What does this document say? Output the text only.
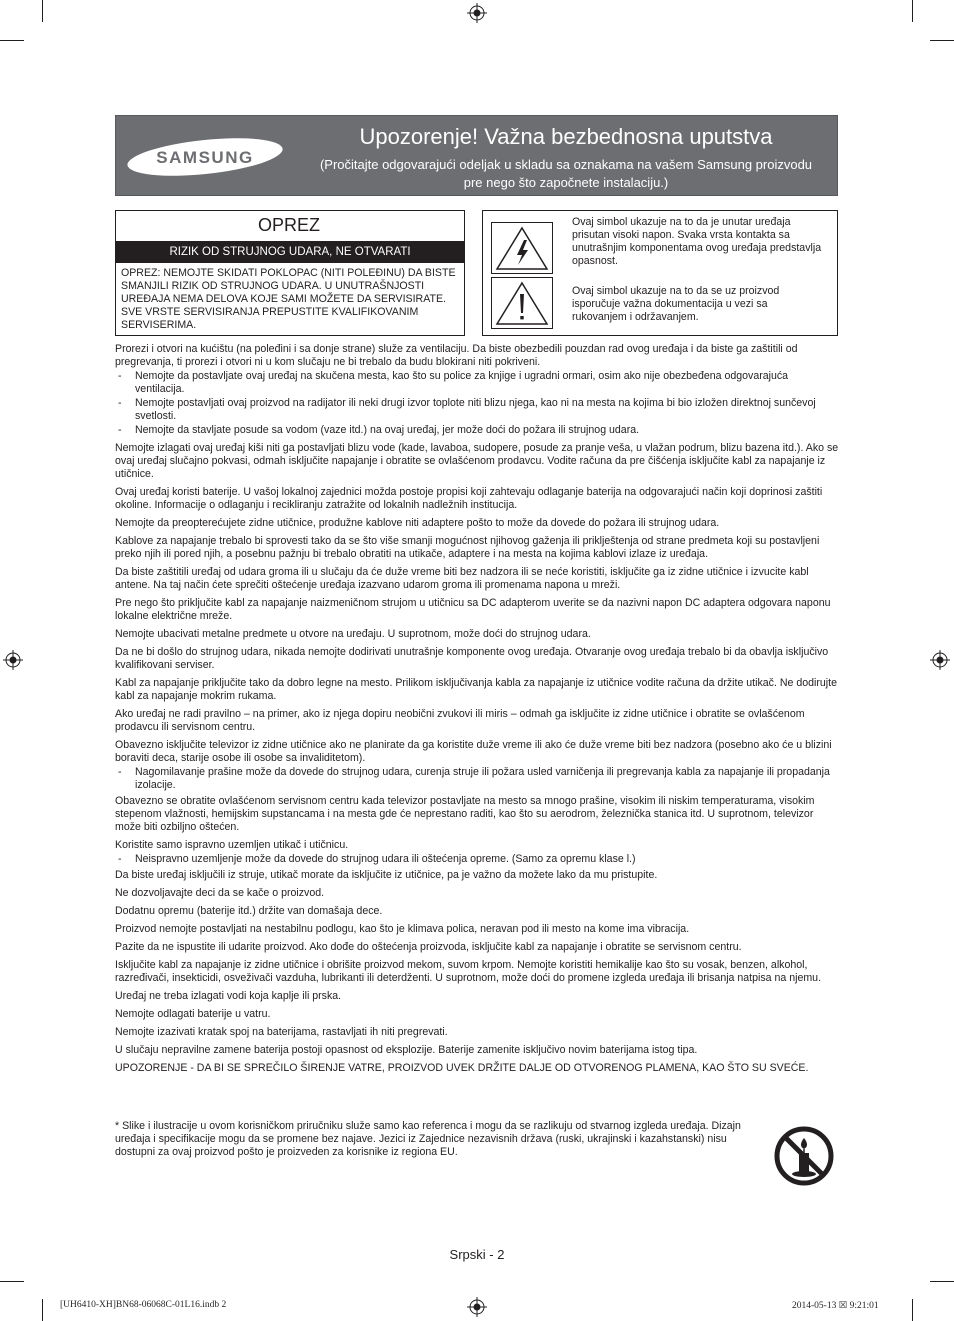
SAMSUNG
Upozorenje! Važna bezbednosna uputstva
(Pročitajte odgovarajući odeljak u skladu sa oznakama na vašem Samsung proizvodu
pre nego što započnete instalaciju.)
OPREZ
RIZIK OD STRUJNOG UDARA, NE OTVARATI
OPREZ: NEMOJTE SKIDATI POKLOPAC (NITI POLEĐINU) DA BISTE SMANJILI RIZIK OD STRUJNOG UDARA. U UNUTRAŠNJOSTI UREĐAJA NEMA DELOVA KOJE SAMI MOŽETE DA SERVISIRATE. SVE VRSTE SERVISIRANJA PREPUSTITE KVALIFIKOVANIM SERVISERIMA.
Ovaj simbol ukazuje na to da je unutar uređaja prisutan visoki napon. Svaka vrsta kontakta sa unutrašnjim komponentama ovog uređaja predstavlja opasnost.
Ovaj simbol ukazuje na to da se uz proizvod isporučuje važna dokumentacija u vezi sa rukovanjem i održavanjem.

Prorezi i otvori na kućištu (na poleđini i sa donje strane) služe za ventilaciju. Da biste obezbedili pouzdan rad ovog uređaja i da biste ga zaštitili od pregrevanja, ti prorezi i otvori ni u kom slučaju ne bi trebalo da budu blokirani niti pokriveni.

- Nemojte da postavljate ovaj uređaj na skučena mesta, kao što su police za knjige i ugradni ormari, osim ako nije obezbeđena odgovarajuća ventilacija.

- Nemojte postavljati ovaj proizvod na radijator ili neki drugi izvor toplote niti blizu njega, kao ni na mesta na kojima bi bio izložen direktnoj sunčevoj svetlosti.

- Nemojte da stavljate posude sa vodom (vaze itd.) na ovaj uređaj, jer može doći do požara ili strujnog udara.

Nemojte izlagati ovaj uređaj kiši niti ga postavljati blizu vode (kade, lavaboa, sudopere, posude za pranje veša, u vlažan podrum, blizu bazena itd.). Ako se ovaj uređaj slučajno pokvasi, odmah isključite napajanje i obratite se ovlašćenom prodavcu. Vodite računa da pre čišćenja isključite kabl za napajanje iz utičnice.

Ovaj uređaj koristi baterije. U vašoj lokalnoj zajednici možda postoje propisi koji zahtevaju odlaganje baterija na odgovarajući način koji doprinosi zaštiti okoline. Informacije o odlaganju i recikliranju zatražite od lokalnih nadležnih institucija.

Nemojte da preopterećujete zidne utičnice, produžne kablove niti adaptere pošto to može da dovede do požara ili strujnog udara.

Kablove za napajanje trebalo bi sprovesti tako da se što više smanji mogućnost njihovog gaženja ili priklještenja od strane predmeta koji su postavljeni preko njih ili pored njih, a posebnu pažnju bi trebalo obratiti na utikače, adaptere i na mesta na kojima kablovi izlaze iz uređaja.

Da biste zaštitili uređaj od udara groma ili u slučaju da će duže vreme biti bez nadzora ili se neće koristiti, isključite ga iz zidne utičnice i izvucite kabl antene. Na taj način ćete sprečiti oštećenje uređaja izazvano udarom groma ili promenama napona u mreži.

Pre nego što priključite kabl za napajanje naizmeničnom strujom u utičnicu sa DC adapterom uverite se da nazivni napon DC adaptera odgovara naponu lokalne električne mreže.

Nemojte ubacivati metalne predmete u otvore na uređaju. U suprotnom, može doći do strujnog udara.

Da ne bi došlo do strujnog udara, nikada nemojte dodirivati unutrašnje komponente ovog uređaja. Otvaranje ovog uređaja trebalo bi da obavlja isključivo kvalifikovani serviser.

Kabl za napajanje priključite tako da dobro legne na mesto. Prilikom isključivanja kabla za napajanje iz utičnice vodite računa da držite utikač. Ne dodirujte kabl za napajanje mokrim rukama.

Ako uređaj ne radi pravilno – na primer, ako iz njega dopiru neobični zvukovi ili miris – odmah ga isključite iz zidne utičnice i obratite se ovlašćenom prodavcu ili servisnom centru.

Obavezno isključite televizor iz zidne utičnice ako ne planirate da ga koristite duže vreme ili ako će duže vreme biti bez nadzora (posebno ako će u blizini boraviti deca, starije osobe ili osobe sa invaliditetom).

- Nagomilavanje prašine može da dovede do strujnog udara, curenja struje ili požara usled varničenja ili pregrevanja kabla za napajanje ili propadanja izolacije.

Obavezno se obratite ovlašćenom servisnom centru kada televizor postavljate na mesto sa mnogo prašine, visokim ili niskim temperaturama, visokim stepenom vlažnosti, hemijskim supstancama i na mesta gde će neprestano raditi, kao što su aerodrom, železnička stanica itd. U suprotnom, televizor može biti ozbiljno oštećen.

Koristite samo ispravno uzemljen utikač i utičnicu.

- Neispravno uzemljenje može da dovede do strujnog udara ili oštećenja opreme. (Samo za opremu klase l.)

Da biste uređaj isključili iz struje, utikač morate da isključite iz utičnice, pa je važno da možete lako da mu pristupite.

Ne dozvoljavajte deci da se kače o proizvod.

Dodatnu opremu (baterije itd.) držite van domašaja dece.

Proizvod nemojte postavljati na nestabilnu podlogu, kao što je klimava polica, neravan pod ili mesto na kome ima vibracija.

Pazite da ne ispustite ili udarite proizvod. Ako dođe do oštećenja proizvoda, isključite kabl za napajanje i obratite se servisnom centru.

Isključite kabl za napajanje iz zidne utičnice i obrišite proizvod mekom, suvom krpom. Nemojte koristiti hemikalije kao što su vosak, benzen, alkohol, razređivači, insekticidi, osveživači vazduha, lubrikanti ili deterdženti. U suprotnom, može doći do promene izgleda uređaja ili brisanja natpisa na njemu.

Uređaj ne treba izlagati vodi koja kaplje ili prska.

Nemojte odlagati baterije u vatru.

Nemojte izazivati kratak spoj na baterijama, rastavljati ih niti pregrevati.

U slučaju nepravilne zamene baterija postoji opasnost od eksplozije. Baterije zamenite isključivo novim baterijama istog tipa.

UPOZORENJE - DA BI SE SPREČILO ŠIRENJE VATRE, PROIZVOD UVEK DRŽITE DALJE OD OTVORENOG PLAMENA, KAO ŠTO SU SVEĆE.

* Slike i ilustracije u ovom korisničkom priručniku služe samo kao referenca i mogu da se razlikuju od stvarnog izgleda uređaja. Dizajn uređaja i specifikacije mogu da se promene bez najave. Jezici iz Zajednice nezavisnih država (ruski, ukrajinski i kazahstanski) nisu dostupni za ovaj proizvod pošto je proizveden za korisnike iz regiona EU.
Srpski - 2
[UH6410-XH]BN68-06068C-01L16.indb 2	2014-05-13 ☒ 9:21:01
